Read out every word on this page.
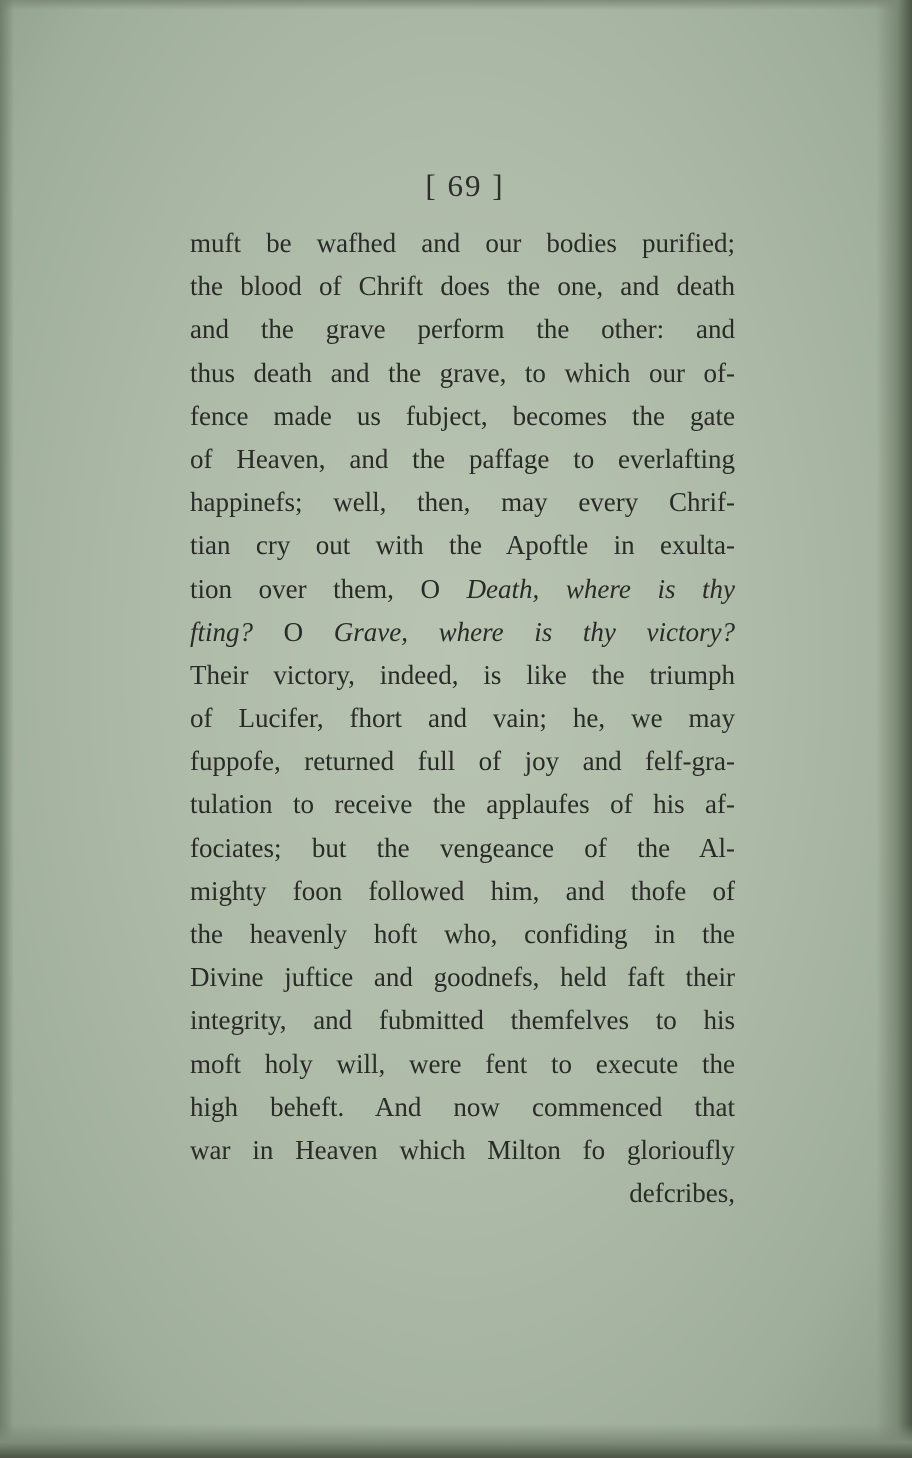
[ 69 ]
muft be wafhed and our bodies purified;
the blood of Chrift does the one, and death
and the grave perform the other: and
thus death and the grave, to which our of-
fence made us fubject, becomes the gate
of Heaven, and the paffage to everlafting
happinefs; well, then, may every Chrif-
tian cry out with the Apoftle in exulta-
tion over them, O Death, where is thy
fting? O Grave, where is thy victory?
Their victory, indeed, is like the triumph
of Lucifer, fhort and vain; he, we may
fuppofe, returned full of joy and felf-gra-
tulation to receive the applaufes of his af-
fociates; but the vengeance of the Al-
mighty foon followed him, and thofe of
the heavenly hoft who, confiding in the
Divine juftice and goodnefs, held faft their
integrity, and fubmitted themfelves to his
moft holy will, were fent to execute the
high beheft. And now commenced that
war in Heaven which Milton fo glorioufly
defcribes,
